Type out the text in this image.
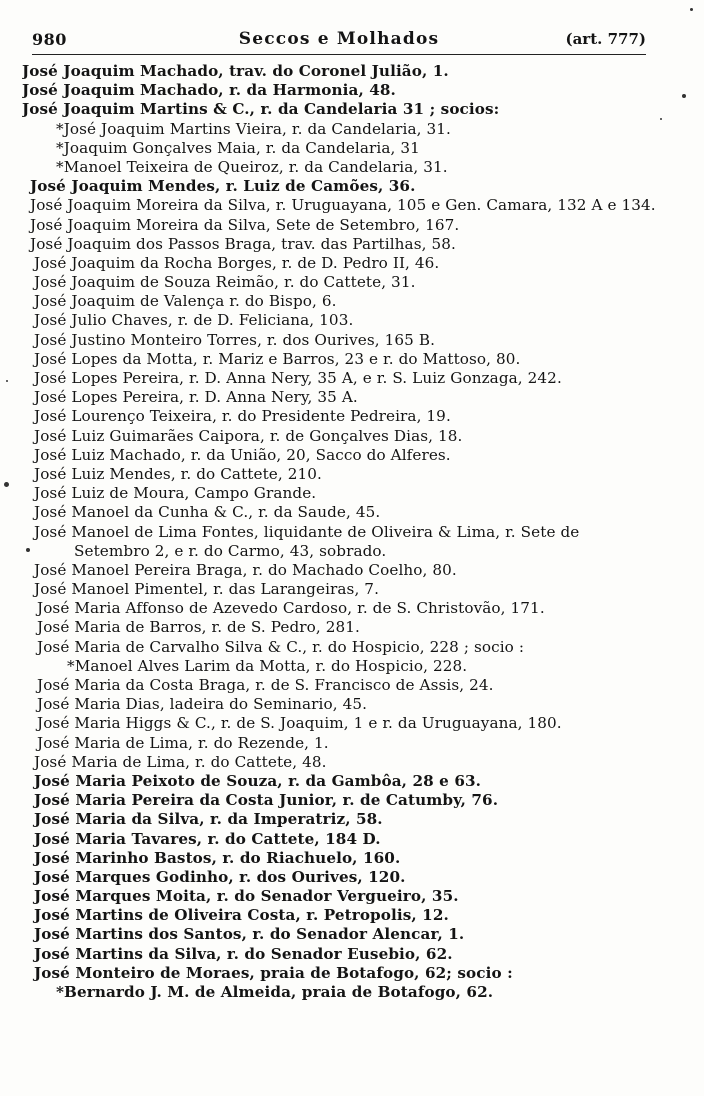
980	Seccos e Molhados	(art. 777)
José Joaquim Machado, trav. do Coronel Julião, 1.
José Joaquim Machado, r. da Harmonia, 48.
José Joaquim Martins & C., r. da Candelaria 31 ; socios:
*José Joaquim Martins Vieira, r. da Candelaria, 31.
*Joaquim Gonçalves Maia, r. da Candelaria, 31
*Manoel Teixeira de Queiroz, r. da Candelaria, 31.
José Joaquim Mendes, r. Luiz de Camões, 36.
José Joaquim Moreira da Silva, r. Uruguayana, 105 e Gen. Camara, 132 A e 134.
José Joaquim Moreira da Silva, Sete de Setembro, 167.
José Joaquim dos Passos Braga, trav. das Partilhas, 58.
José Joaquim da Rocha Borges, r. de D. Pedro II, 46.
José Joaquim de Souza Reimão, r. do Cattete, 31.
José Joaquim de Valença r. do Bispo, 6.
José Julio Chaves, r. de D. Feliciana, 103.
José Justino Monteiro Torres, r. dos Ourives, 165 B.
José Lopes da Motta, r. Mariz e Barros, 23 e r. do Mattoso, 80.
José Lopes Pereira, r. D. Anna Nery, 35 A, e r. S. Luiz Gonzaga, 242.
José Lopes Pereira, r. D. Anna Nery, 35 A.
José Lourenço Teixeira, r. do Presidente Pedreira, 19.
José Luiz Guimarães Caipora, r. de Gonçalves Dias, 18.
José Luiz Machado, r. da União, 20, Sacco do Alferes.
José Luiz Mendes, r. do Cattete, 210.
José Luiz de Moura, Campo Grande.
José Manoel da Cunha & C., r. da Saude, 45.
José Manoel de Lima Fontes, liquidante de Oliveira & Lima, r. Sete de
Setembro 2, e r. do Carmo, 43, sobrado.
José Manoel Pereira Braga, r. do Machado Coelho, 80.
José Manoel Pimentel, r. das Larangeiras, 7.
José Maria Affonso de Azevedo Cardoso, r. de S. Christovão, 171.
José Maria de Barros, r. de S. Pedro, 281.
José Maria de Carvalho Silva & C., r. do Hospicio, 228 ; socio :
*Manoel Alves Larim da Motta, r. do Hospicio, 228.
José Maria da Costa Braga, r. de S. Francisco de Assis, 24.
José Maria Dias, ladeira do Seminario, 45.
José Maria Higgs & C., r. de S. Joaquim, 1 e r. da Uruguayana, 180.
José Maria de Lima, r. do Rezende, 1.
José Maria de Lima, r. do Cattete, 48.
José Maria Peixoto de Souza, r. da Gambôa, 28 e 63.
José Maria Pereira da Costa Junior, r. de Catumby, 76.
José Maria da Silva, r. da Imperatriz, 58.
José Maria Tavares, r. do Cattete, 184 D.
José Marinho Bastos, r. do Riachuelo, 160.
José Marques Godinho, r. dos Ourives, 120.
José Marques Moita, r. do Senador Vergueiro, 35.
José Martins de Oliveira Costa, r. Petropolis, 12.
José Martins dos Santos, r. do Senador Alencar, 1.
José Martins da Silva, r. do Senador Eusebio, 62.
José Monteiro de Moraes, praia de Botafogo, 62; socio :
*Bernardo J. M. de Almeida, praia de Botafogo, 62.
